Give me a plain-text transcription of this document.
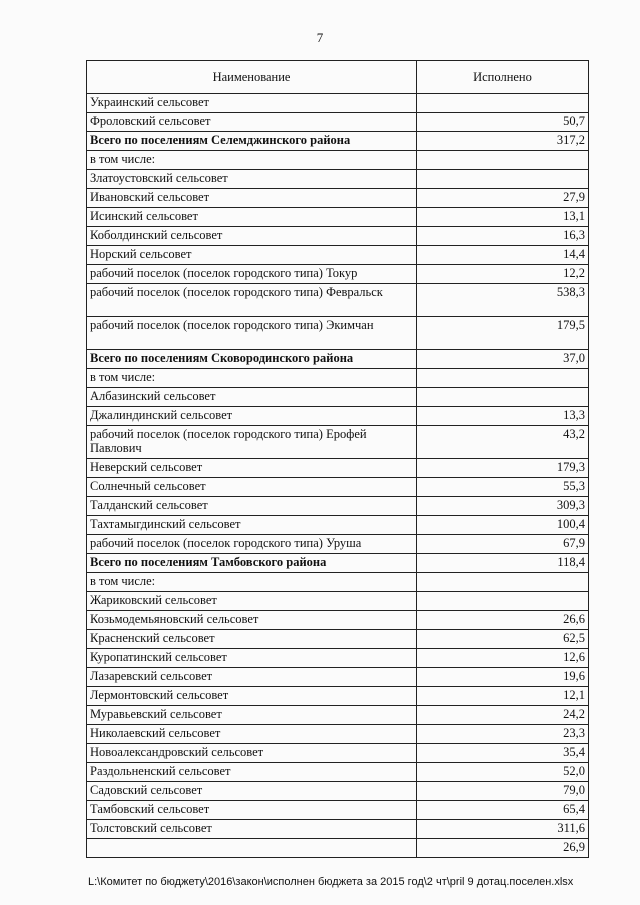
7
Наименование	Исполнено
Украинский сельсовет	
Фроловский сельсовет	50,7
Всего по поселениям Селемджинского района	317,2
в том числе:	
Златоустовский сельсовет	
Ивановский сельсовет	27,9
Исинский сельсовет	13,1
Коболдинский сельсовет	16,3
Норский сельсовет	14,4
рабочий поселок (поселок городского типа) Токур	12,2
рабочий поселок (поселок городского типа) Февральск	538,3
рабочий поселок (поселок городского типа) Экимчан	179,5
Всего по поселениям Сковородинского района	37,0
в том числе:	
Албазинский сельсовет	
Джалиндинский сельсовет	13,3
рабочий поселок (поселок городского типа) Ерофей Павлович	43,2
Неверский сельсовет	179,3
Солнечный сельсовет	55,3
Талданский сельсовет	309,3
Тахтамыгдинский сельсовет	100,4
рабочий поселок (поселок городского типа) Уруша	67,9
Всего по поселениям Тамбовского района	118,4
в том числе:	
Жариковский сельсовет	
Козьмодемьяновский сельсовет	26,6
Красненский сельсовет	62,5
Куропатинский сельсовет	12,6
Лазаревский сельсовет	19,6
Лермонтовский сельсовет	12,1
Муравьевский сельсовет	24,2
Николаевский сельсовет	23,3
Новоалександровский сельсовет	35,4
Раздольненский сельсовет	52,0
Садовский сельсовет	79,0
Тамбовский сельсовет	65,4
Толстовский сельсовет	311,6
	26,9
L:\Комитет по бюджету\2016\закон\исполнен бюджета за 2015 год\2 чт\pril 9 дотац.поселен.xlsx
